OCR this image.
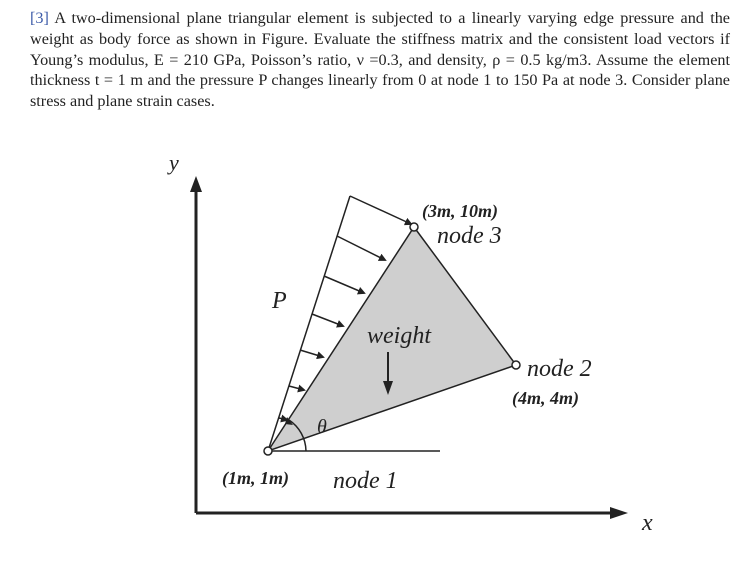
[3] A two-dimensional plane triangular element is subjected to a linearly varying edge pressure and the weight as body force as shown in Figure. Evaluate the stiffness matrix and the consistent load vectors if Young’s modulus, E = 210 GPa, Poisson’s ratio, ν =0.3, and density, ρ = 0.5 kg/m3. Assume the element thickness t = 1 m and the pressure P changes linearly from 0 at node 1 to 150 Pa at node 3. Consider plane stress and plane strain cases.

y
x
P
θ
weight
(3m, 10m)
node 3
node 2
(4m, 4m)
(1m, 1m) node 1
